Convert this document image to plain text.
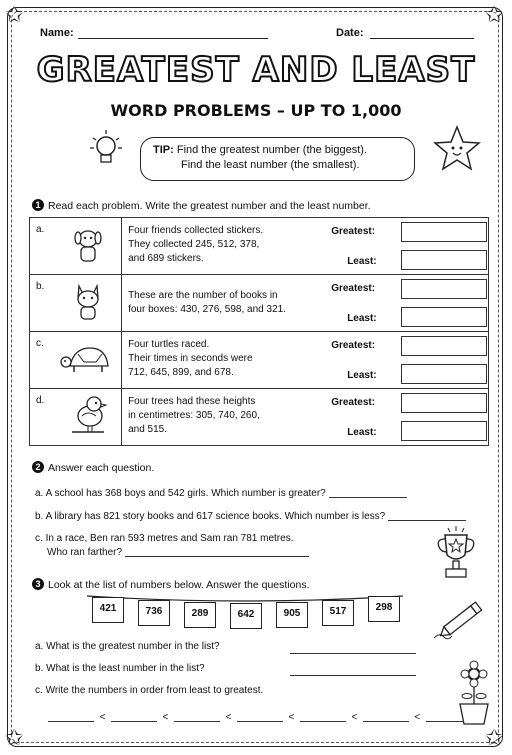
✩	✩
✩	✩
Name:	Date:
GREATEST AND LEAST
WORD PROBLEMS – UP TO 1,000
TIP: Find the greatest number (the biggest).
Find the least number (the smallest).
1 Read each problem. Write the greatest number and the least number.
a.		Four friends collected stickers.
They collected 245, 512, 378,
and 689 stickers.	Greatest:
Least:

b.		These are the number of books in
four boxes: 430, 276, 598, and 321.	Greatest:
Least:

c.		Four turtles raced.
Their times in seconds were
712, 645, 899, and 678.	Greatest:
Least:

d.		Four trees had these heights
in centimetres: 305, 740, 260,
and 515.	Greatest:
Least:
2 Answer each question.
a. A school has 368 boys and 542 girls. Which number is greater?
b. A library has 821 story books and 617 science books. Which number is less?
c. In a race, Ben ran 593 metres and Sam ran 781 metres.
Who ran farther?
3 Look at the list of numbers below. Answer the questions.
421	736	289	642	905	517	298
a. What is the greatest number in the list?
b. What is the least number in the list?
c. Write the numbers in order from least to greatest.
<	<	<	<	<	<
